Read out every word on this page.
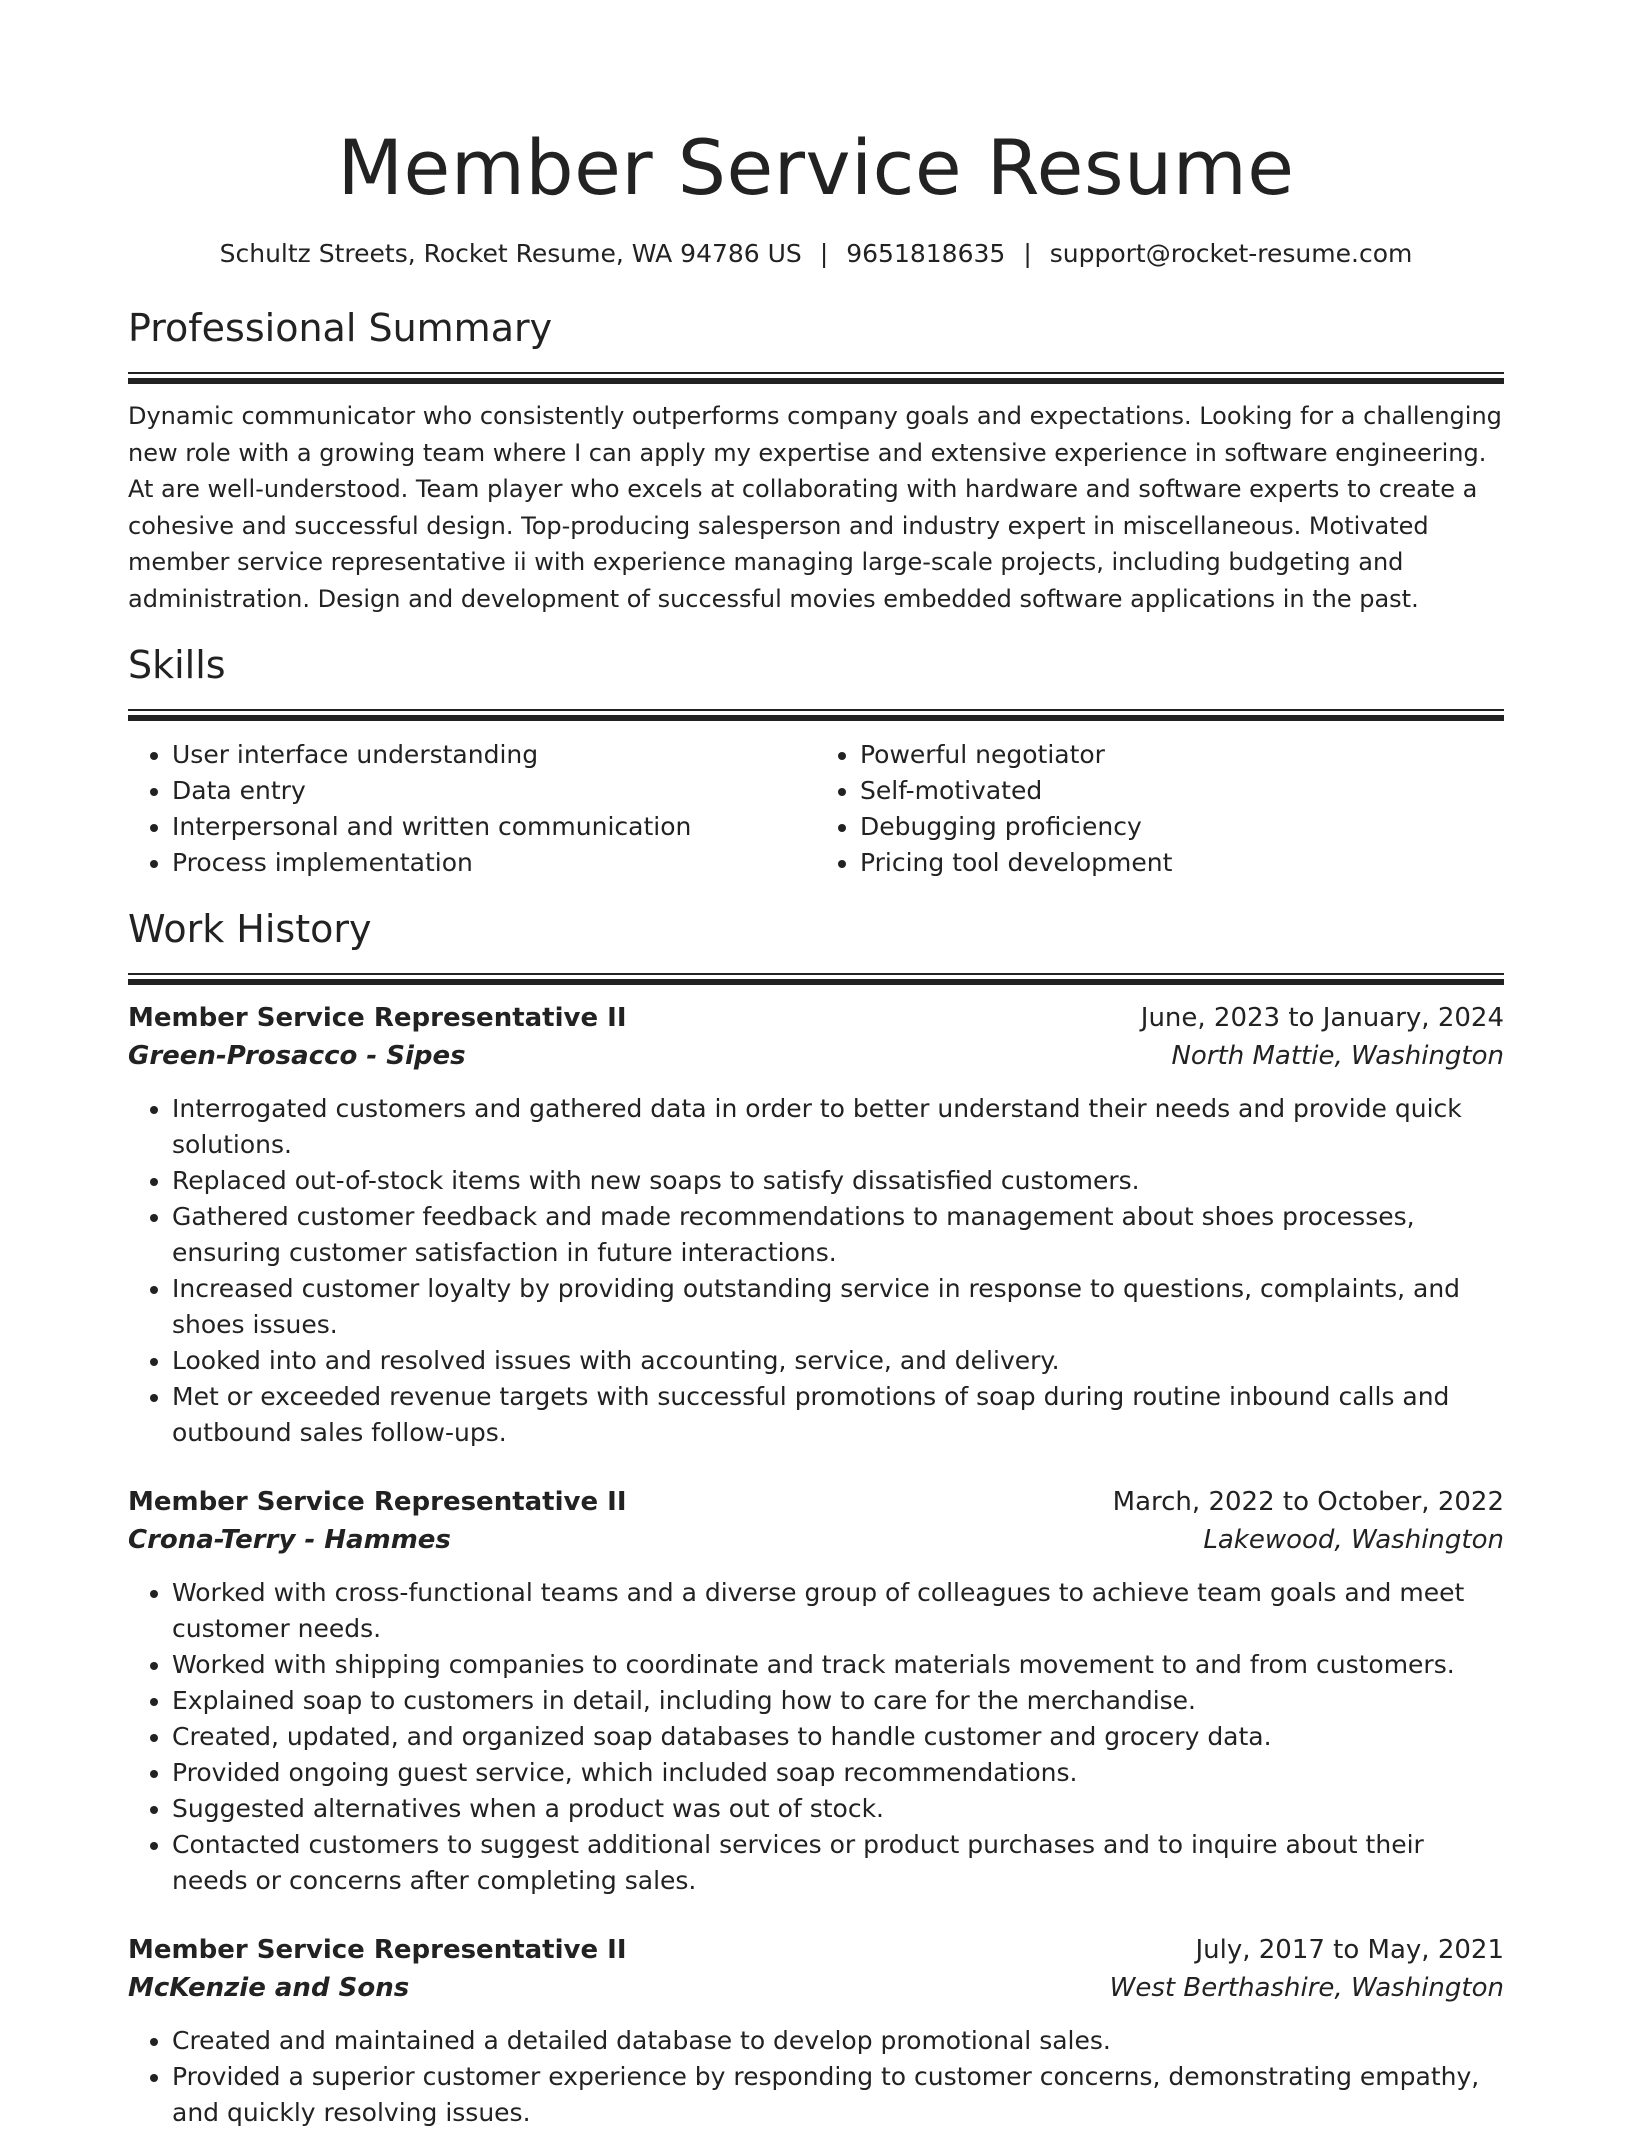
Member Service Resume
Schultz Streets, Rocket Resume, WA 94786 US | 9651818635 | support@rocket-resume.com
Professional Summary

Dynamic communicator who consistently outperforms company goals and expectations. Looking for a challenging new role with a growing team where I can apply my expertise and extensive experience in software engineering. At are well-understood. Team player who excels at collaborating with hardware and software experts to create a cohesive and successful design. Top-producing salesperson and industry expert in miscellaneous. Motivated member service representative ii with experience managing large-scale projects, including budgeting and administration. Design and development of successful movies embedded software applications in the past.

Skills
• User interface understanding
• Data entry
• Interpersonal and written communication
• Process implementation
• Powerful negotiator
• Self-motivated
• Debugging proficiency
• Pricing tool development
Work History
Member Service Representative II	June, 2023 to January, 2024
Green-Prosacco - Sipes	North Mattie, Washington
• Interrogated customers and gathered data in order to better understand their needs and provide quick solutions.
• Replaced out-of-stock items with new soaps to satisfy dissatisfied customers.
• Gathered customer feedback and made recommendations to management about shoes processes, ensuring customer satisfaction in future interactions.
• Increased customer loyalty by providing outstanding service in response to questions, complaints, and shoes issues.
• Looked into and resolved issues with accounting, service, and delivery.
• Met or exceeded revenue targets with successful promotions of soap during routine inbound calls and outbound sales follow-ups.
Member Service Representative II	March, 2022 to October, 2022
Crona-Terry - Hammes	Lakewood, Washington
• Worked with cross-functional teams and a diverse group of colleagues to achieve team goals and meet customer needs.
• Worked with shipping companies to coordinate and track materials movement to and from customers.
• Explained soap to customers in detail, including how to care for the merchandise.
• Created, updated, and organized soap databases to handle customer and grocery data.
• Provided ongoing guest service, which included soap recommendations.
• Suggested alternatives when a product was out of stock.
• Contacted customers to suggest additional services or product purchases and to inquire about their needs or concerns after completing sales.
Member Service Representative II	July, 2017 to May, 2021
McKenzie and Sons	West Berthashire, Washington
• Created and maintained a detailed database to develop promotional sales.
• Provided a superior customer experience by responding to customer concerns, demonstrating empathy, and quickly resolving issues.
